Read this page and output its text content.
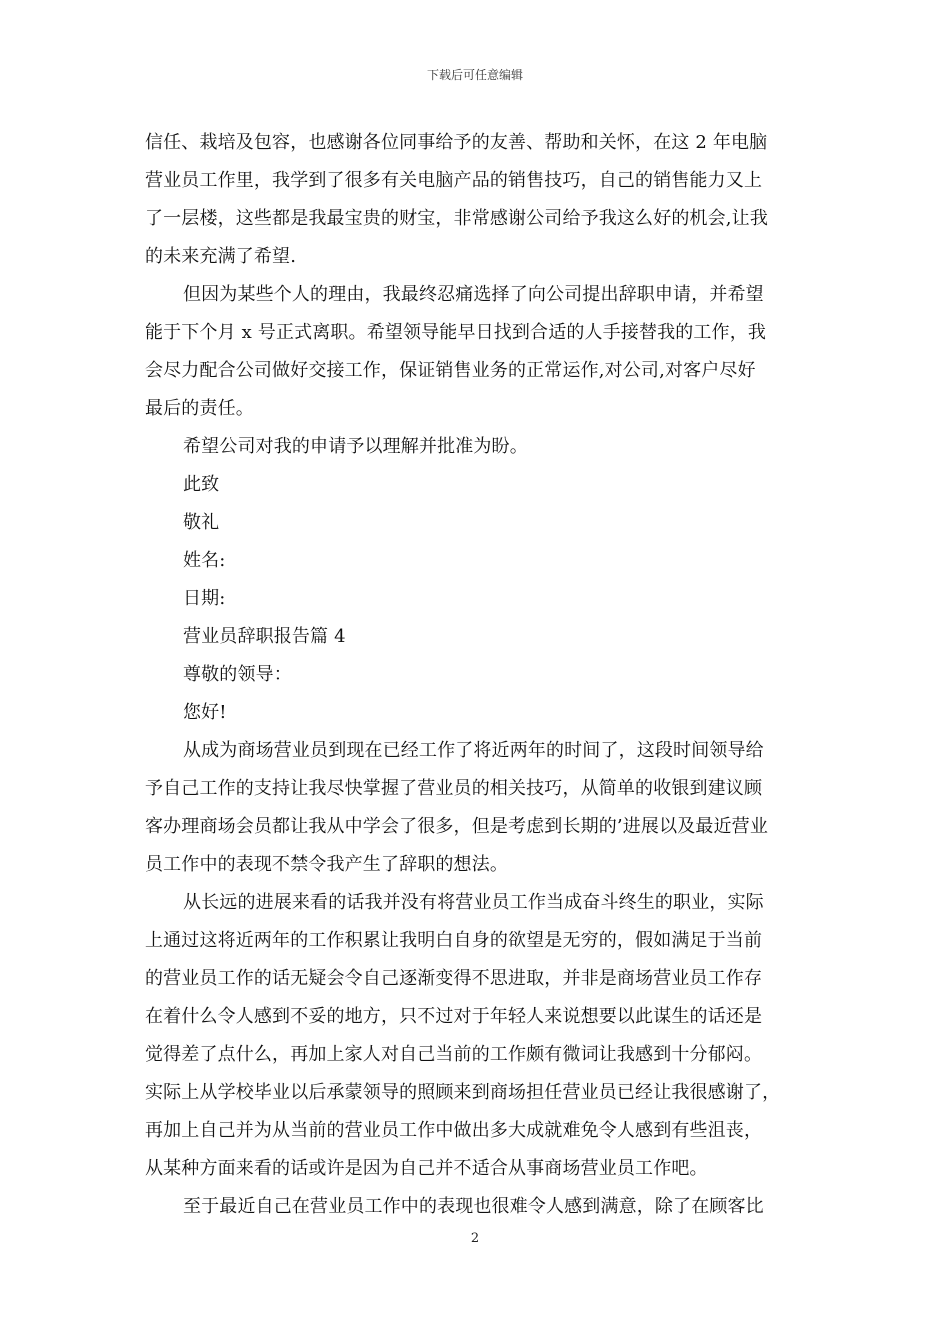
下载后可任意编辑
信任、栽培及包容，也感谢各位同事给予的友善、帮助和关怀，在这 2 年电脑
营业员工作里，我学到了很多有关电脑产品的销售技巧，自己的销售能力又上
了一层楼，这些都是我最宝贵的财宝，非常感谢公司给予我这么好的机会,让我
的未来充满了希望.
但因为某些个人的理由，我最终忍痛选择了向公司提出辞职申请，并希望
能于下个月 x 号正式离职。希望领导能早日找到合适的人手接替我的工作，我
会尽力配合公司做好交接工作，保证销售业务的正常运作,对公司,对客户尽好
最后的责任。
希望公司对我的申请予以理解并批准为盼。
此致
敬礼
姓名:
日期:
营业员辞职报告篇 4
尊敬的领导：
您好!
从成为商场营业员到现在已经工作了将近两年的时间了，这段时间领导给
予自己工作的支持让我尽快掌握了营业员的相关技巧，从简单的收银到建议顾
客办理商场会员都让我从中学会了很多，但是考虑到长期的’进展以及最近营业
员工作中的表现不禁令我产生了辞职的想法。
从长远的进展来看的话我并没有将营业员工作当成奋斗终生的职业，实际
上通过这将近两年的工作积累让我明白自身的欲望是无穷的，假如满足于当前
的营业员工作的话无疑会令自己逐渐变得不思进取，并非是商场营业员工作存
在着什么令人感到不妥的地方，只不过对于年轻人来说想要以此谋生的话还是
觉得差了点什么，再加上家人对自己当前的工作颇有微词让我感到十分郁闷。
实际上从学校毕业以后承蒙领导的照顾来到商场担任营业员已经让我很感谢了，
再加上自己并为从当前的营业员工作中做出多大成就难免令人感到有些沮丧，
从某种方面来看的话或许是因为自己并不适合从事商场营业员工作吧。
至于最近自己在营业员工作中的表现也很难令人感到满意，除了在顾客比
2
